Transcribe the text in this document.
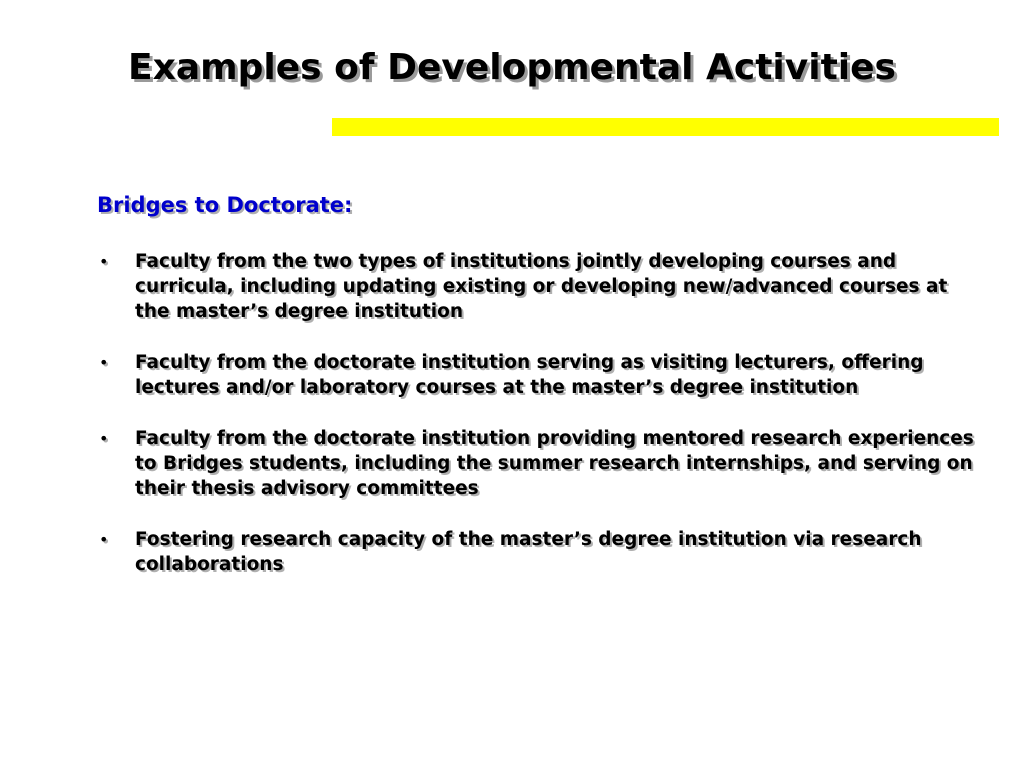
Examples of Developmental Activities
Bridges to Doctorate:
• Faculty from the two types of institutions jointly developing courses and curricula, including updating existing or developing new/advanced courses at the master’s degree institution
• Faculty from the doctorate institution serving as visiting lecturers, offering lectures and/or laboratory courses at the master’s degree institution
• Faculty from the doctorate institution providing mentored research experiences to Bridges students, including the summer research internships, and serving on their thesis advisory committees
• Fostering research capacity of the master’s degree institution via research collaborations
